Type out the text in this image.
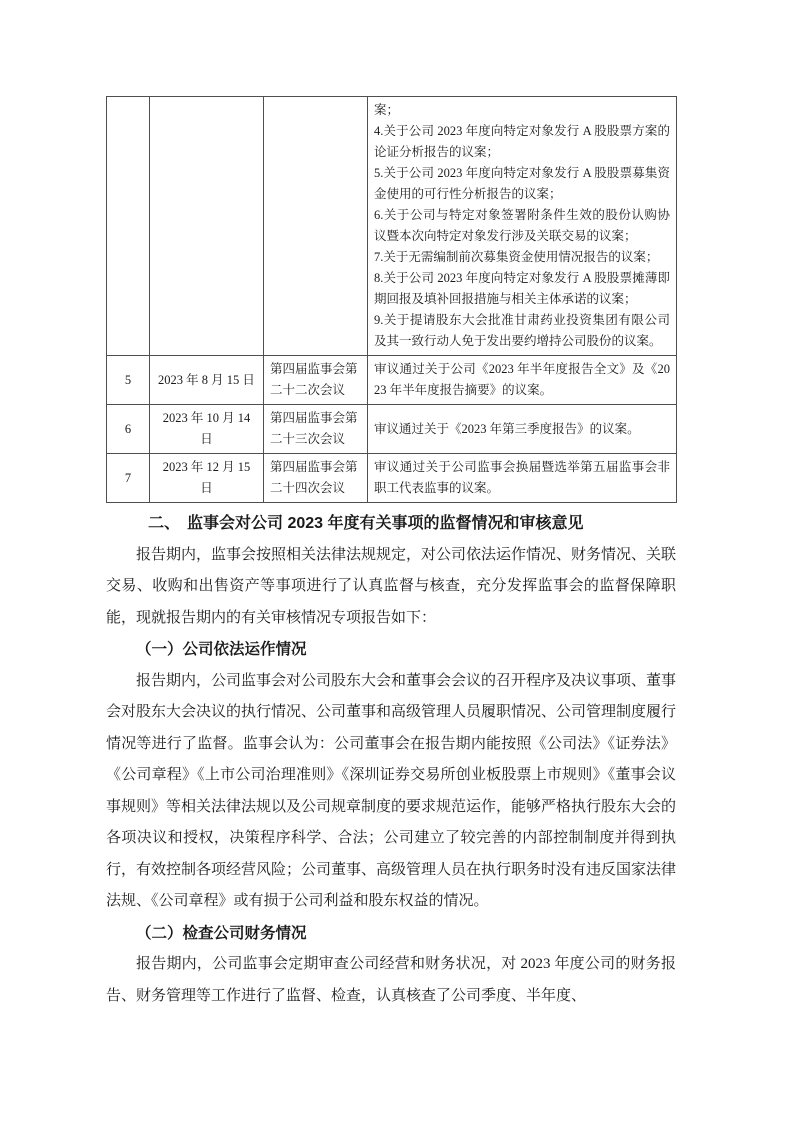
案；
4.关于公司 2023 年度向特定对象发行 A 股股票方案的论证分析报告的议案；
5.关于公司 2023 年度向特定对象发行 A 股股票募集资金使用的可行性分析报告的议案；
6.关于公司与特定对象签署附条件生效的股份认购协议暨本次向特定对象发行涉及关联交易的议案；
7.关于无需编制前次募集资金使用情况报告的议案；
8.关于公司 2023 年度向特定对象发行 A 股股票摊薄即期回报及填补回报措施与相关主体承诺的议案；
9.关于提请股东大会批准甘肃药业投资集团有限公司及其一致行动人免于发出要约增持公司股份的议案。

5	2023 年 8 月 15 日	第四届监事会第二十二次会议	审议通过关于公司《2023 年半年度报告全文》及《2023 年半年度报告摘要》的议案。
6	2023 年 10 月 14 日	第四届监事会第二十三次会议	审议通过关于《2023 年第三季度报告》的议案。
7	2023 年 12 月 15 日	第四届监事会第二十四次会议	审议通过关于公司监事会换届暨选举第五届监事会非职工代表监事的议案。
二、 监事会对公司 2023 年度有关事项的监督情况和审核意见

报告期内，监事会按照相关法律法规规定，对公司依法运作情况、财务情况、关联交易、收购和出售资产等事项进行了认真监督与核查，充分发挥监事会的监督保障职能，现就报告期内的有关审核情况专项报告如下：

（一）公司依法运作情况

报告期内，公司监事会对公司股东大会和董事会会议的召开程序及决议事项、董事会对股东大会决议的执行情况、公司董事和高级管理人员履职情况、公司管理制度履行情况等进行了监督。监事会认为：公司董事会在报告期内能按照《公司法》《证券法》《公司章程》《上市公司治理准则》《深圳证券交易所创业板股票上市规则》《董事会议事规则》等相关法律法规以及公司规章制度的要求规范运作，能够严格执行股东大会的各项决议和授权，决策程序科学、合法；公司建立了较完善的内部控制制度并得到执行，有效控制各项经营风险；公司董事、高级管理人员在执行职务时没有违反国家法律法规、《公司章程》或有损于公司利益和股东权益的情况。

（二）检查公司财务情况

报告期内，公司监事会定期审查公司经营和财务状况，对 2023 年度公司的财务报告、财务管理等工作进行了监督、检查，认真核查了公司季度、半年度、
